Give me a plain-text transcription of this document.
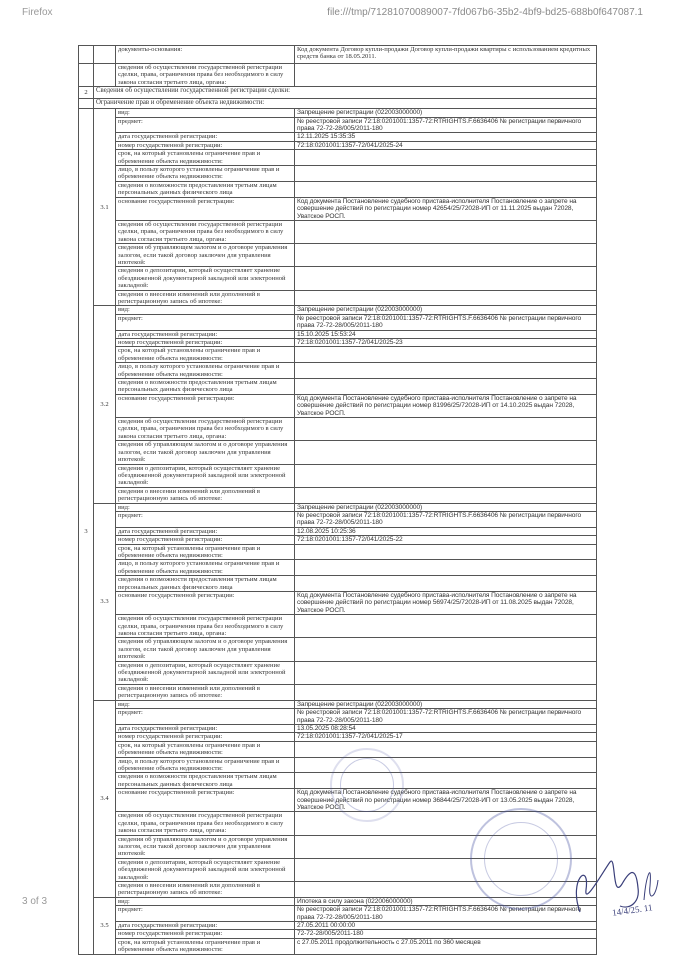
Firefox	file:///tmp/71281070089007-7fd067b6-35b2-4bf9-bd25-688b0f647087.1
		документы-основания:	Код документа Договор купли-продажи Договор купли-продажи квартиры с использованием кредитных средств банка от 18.05.2011.
		сведения об осуществлении государственной регистрации сделки, права, ограничения права без необходимого в силу закона согласия третьего лица, органа:	
2	Сведения об осуществлении государственной регистрации сделки:		
	Ограничение прав и обременение объекта недвижимости:		
3	3.1	вид:	Запрещение регистрации (022003000000)
		предмет:	№ реестровой записи 72:18:0201001:1357-72:RTRIGHTS.F.6636406 № регистрации первичного права 72-72-28/005/2011-180
		дата государственной регистрации:	12.11.2025 15:35:35
		номер государственной регистрации:	72:18:0201001:1357-72/041/2025-24
		срок, на который установлены ограничение прав и обременение объекта недвижимости:	
		лицо, в пользу которого установлены ограничение прав и обременение объекта недвижимости:	
		сведения о возможности предоставления третьим лицам персональных данных физического лица	
		основание государственной регистрации:	Код документа Постановление судебного пристава-исполнителя Постановление о запрете на совершение действий по регистрации номер 42654/25/72028-ИП от 11.11.2025 выдан 72028, Уватское РОСП.
		сведения об осуществлении государственной регистрации сделки, права, ограничения права без необходимого в силу закона согласия третьего лица, органа:	
		сведения об управляющем залогом и о договоре управления залогом, если такой договор заключен для управления ипотекой:	
		сведения о депозитарии, который осуществляет хранение обездвиженной документарной закладной или электронной закладной:	
		сведения о внесении изменений или дополнений в регистрационную запись об ипотеке:	
	3.2	вид:	Запрещение регистрации (022003000000)
		предмет:	№ реестровой записи 72:18:0201001:1357-72:RTRIGHTS.F.6636406 № регистрации первичного права 72-72-28/005/2011-180
		дата государственной регистрации:	15.10.2025 15:53:24
		номер государственной регистрации:	72:18:0201001:1357-72/041/2025-23
		срок, на который установлены ограничение прав и обременение объекта недвижимости:	
		лицо, в пользу которого установлены ограничение прав и обременение объекта недвижимости:	
		сведения о возможности предоставления третьим лицам персональных данных физического лица	
		основание государственной регистрации:	Код документа Постановление судебного пристава-исполнителя Постановление о запрете на совершение действий по регистрации номер 81996/25/72028-ИП от 14.10.2025 выдан 72028, Уватское РОСП.
		сведения об осуществлении государственной регистрации сделки, права, ограничения права без необходимого в силу закона согласия третьего лица, органа:	
		сведения об управляющем залогом и о договоре управления залогом, если такой договор заключен для управления ипотекой:	
		сведения о депозитарии, который осуществляет хранение обездвиженной документарной закладной или электронной закладной:	
		сведения о внесении изменений или дополнений в регистрационную запись об ипотеке:	
	3.3	вид:	Запрещение регистрации (022003000000)
		предмет:	№ реестровой записи 72:18:0201001:1357-72:RTRIGHTS.F.6636406 № регистрации первичного права 72-72-28/005/2011-180
		дата государственной регистрации:	12.08.2025 10:25:36
		номер государственной регистрации:	72:18:0201001:1357-72/041/2025-22
		срок, на который установлены ограничение прав и обременение объекта недвижимости:	
		лицо, в пользу которого установлены ограничение прав и обременение объекта недвижимости:	
		сведения о возможности предоставления третьим лицам персональных данных физического лица	
		основание государственной регистрации:	Код документа Постановление судебного пристава-исполнителя Постановление о запрете на совершение действий по регистрации номер 56974/25/72028-ИП от 11.08.2025 выдан 72028, Уватское РОСП.
		сведения об осуществлении государственной регистрации сделки, права, ограничения права без необходимого в силу закона согласия третьего лица, органа:	
		сведения об управляющем залогом и о договоре управления залогом, если такой договор заключен для управления ипотекой:	
		сведения о депозитарии, который осуществляет хранение обездвиженной документарной закладной или электронной закладной:	
		сведения о внесении изменений или дополнений в регистрационную запись об ипотеке:	
	3.4	вид:	Запрещение регистрации (022003000000)
		предмет:	№ реестровой записи 72:18:0201001:1357-72:RTRIGHTS.F.6636406 № регистрации первичного права 72-72-28/005/2011-180
		дата государственной регистрации:	13.05.2025 08:28:54
		номер государственной регистрации:	72:18:0201001:1357-72/041/2025-17
		срок, на который установлены ограничение прав и обременение объекта недвижимости:	
		лицо, в пользу которого установлены ограничение прав и обременение объекта недвижимости:	
		сведения о возможности предоставления третьим лицам персональных данных физического лица	
		основание государственной регистрации:	Код документа Постановление судебного пристава-исполнителя Постановление о запрете на совершение действий по регистрации номер 36844/25/72028-ИП от 13.05.2025 выдан 72028, Уватское РОСП.
		сведения об осуществлении государственной регистрации сделки, права, ограничения права без необходимого в силу закона согласия третьего лица, органа:	
		сведения об управляющем залогом и о договоре управления залогом, если такой договор заключен для управления ипотекой:	
		сведения о депозитарии, который осуществляет хранение обездвиженной документарной закладной или электронной закладной:	
		сведения о внесении изменений или дополнений в регистрационную запись об ипотеке:	
	3.5	вид:	Ипотека в силу закона (022006000000)
		предмет:	№ реестровой записи 72:18:0201001:1357-72:RTRIGHTS.F.6636406 № регистрации первичного права 72-72-28/005/2011-180
		дата государственной регистрации:	27.05.2011 00:00:00
		номер государственной регистрации:	72-72-28/005/2011-180
		срок, на который установлены ограничение прав и обременение объекта недвижимости:	с 27.05.2011 продолжительность с 27.05.2011 по 360 месяцев
14/4/25. 11
3 of 3
